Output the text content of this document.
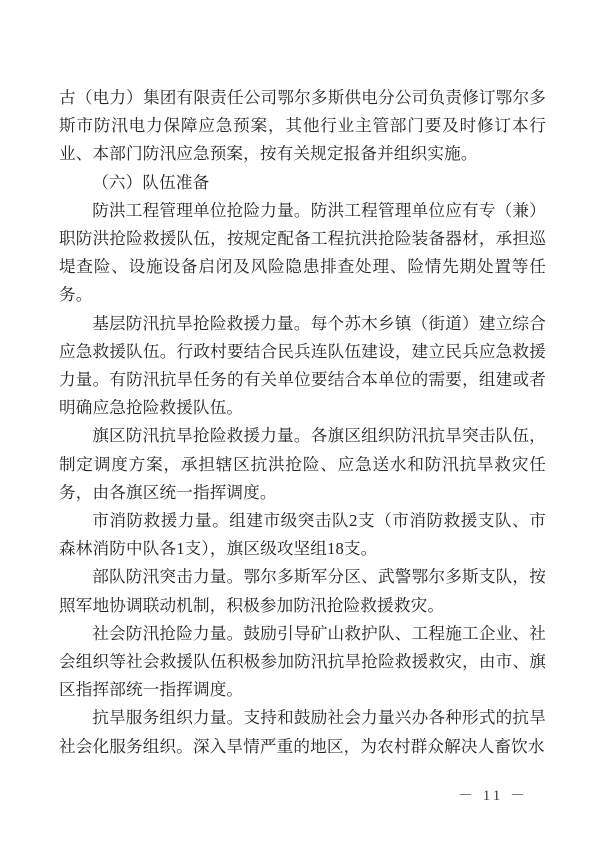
古（电力）集团有限责任公司鄂尔多斯供电分公司负责修订鄂尔多斯市防汛电力保障应急预案，其他行业主管部门要及时修订本行业、本部门防汛应急预案，按有关规定报备并组织实施。

（六）队伍准备

防洪工程管理单位抢险力量。防洪工程管理单位应有专（兼）职防洪抢险救援队伍，按规定配备工程抗洪抢险装备器材，承担巡堤查险、设施设备启闭及风险隐患排查处理、险情先期处置等任务。

基层防汛抗旱抢险救援力量。每个苏木乡镇（街道）建立综合应急救援队伍。行政村要结合民兵连队伍建设，建立民兵应急救援力量。有防汛抗旱任务的有关单位要结合本单位的需要，组建或者明确应急抢险救援队伍。

旗区防汛抗旱抢险救援力量。各旗区组织防汛抗旱突击队伍，制定调度方案，承担辖区抗洪抢险、应急送水和防汛抗旱救灾任务，由各旗区统一指挥调度。

市消防救援力量。组建市级突击队2支（市消防救援支队、市森林消防中队各1支），旗区级攻坚组18支。

部队防汛突击力量。鄂尔多斯军分区、武警鄂尔多斯支队，按照军地协调联动机制，积极参加防汛抢险救援救灾。

社会防汛抢险力量。鼓励引导矿山救护队、工程施工企业、社会组织等社会救援队伍积极参加防汛抗旱抢险救援救灾，由市、旗区指挥部统一指挥调度。

抗旱服务组织力量。支持和鼓励社会力量兴办各种形式的抗旱社会化服务组织。深入旱情严重的地区，为农村群众解决人畜饮水

－ 11 －
